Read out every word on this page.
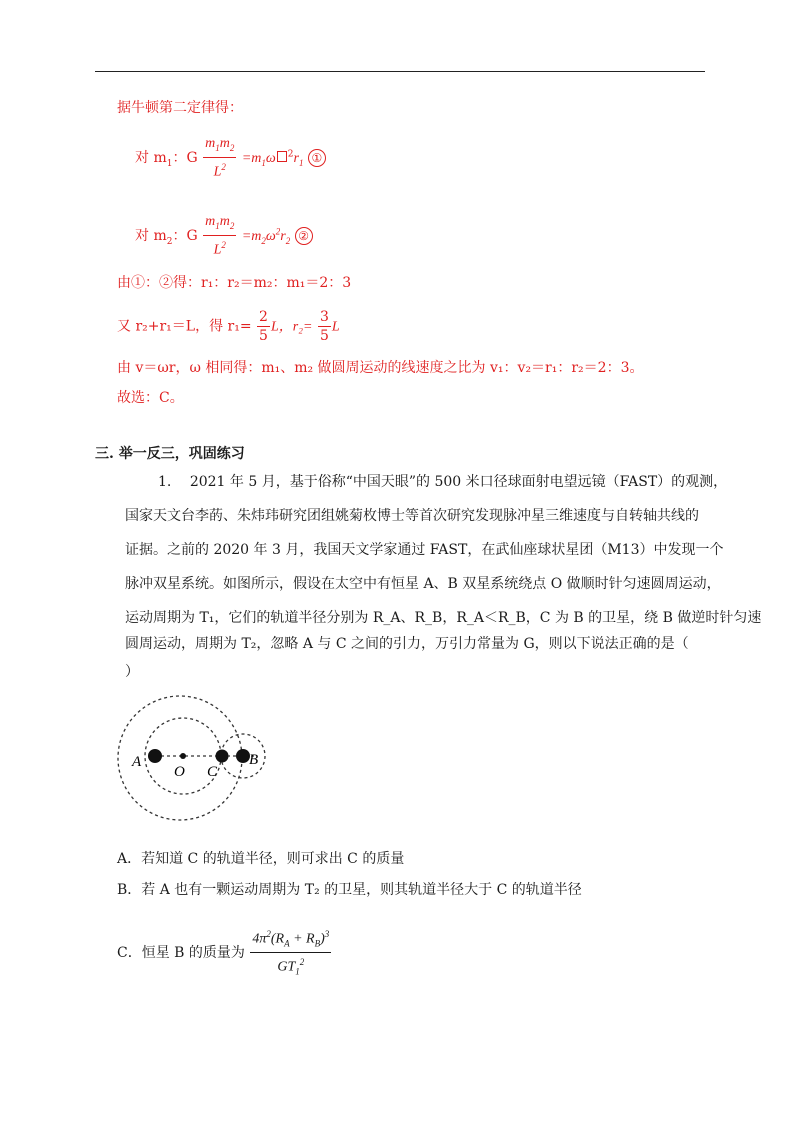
据牛顿第二定律得：
对 $m_1$：G $\frac{m_1m_2}{L^2} =m_1\omega$ $^2r_1$ ①
对 $m_2$：G $\frac{m_1m_2}{L^2} =m_2\omega^2r_2$ ②
由①：②得：r₁：r₂＝m₂：m₁＝2：3
又 r₂+r₁＝L，得 $r_1= \frac{2}{5}$ L，$r_2= \frac{3}{5}$ L
由 v＝ωr，ω 相同得：m₁、m₂ 做圆周运动的线速度之比为 v₁：v₂＝r₁：r₂＝2：3。
故选：C。
三. 举一反三，巩固练习
1. 2021 年 5 月，基于俗称“中国天眼”的 500 米口径球面射电望远镜（FAST）的观测，
国家天文台李菂、朱炜玮研究团组姚菊枚博士等首次研究发现脉冲星三维速度与自转轴共线的
证据。之前的 2020 年 3 月，我国天文学家通过 FAST，在武仙座球状星团（M13）中发现一个
脉冲双星系统。如图所示，假设在太空中有恒星 A、B 双星系统绕点 O 做顺时针匀速圆周运动，
运动周期为 T₁，它们的轨道半径分别为 R_A、R_B，R_A＜R_B，C 为 B 的卫星，绕 B 做逆时针匀速
圆周运动，周期为 T₂，忽略 A 与 C 之间的引力，万引力常量为 G，则以下说法正确的是（
）
A
O C
B
A．若知道 C 的轨道半径，则可求出 C 的质量
B．若 A 也有一颗运动周期为 T₂ 的卫星，则其轨道半径大于 C 的轨道半径
C．恒星 B 的质量为 $\frac{4\pi^2(R_A + R_B)^3}{GT_1^2}$
